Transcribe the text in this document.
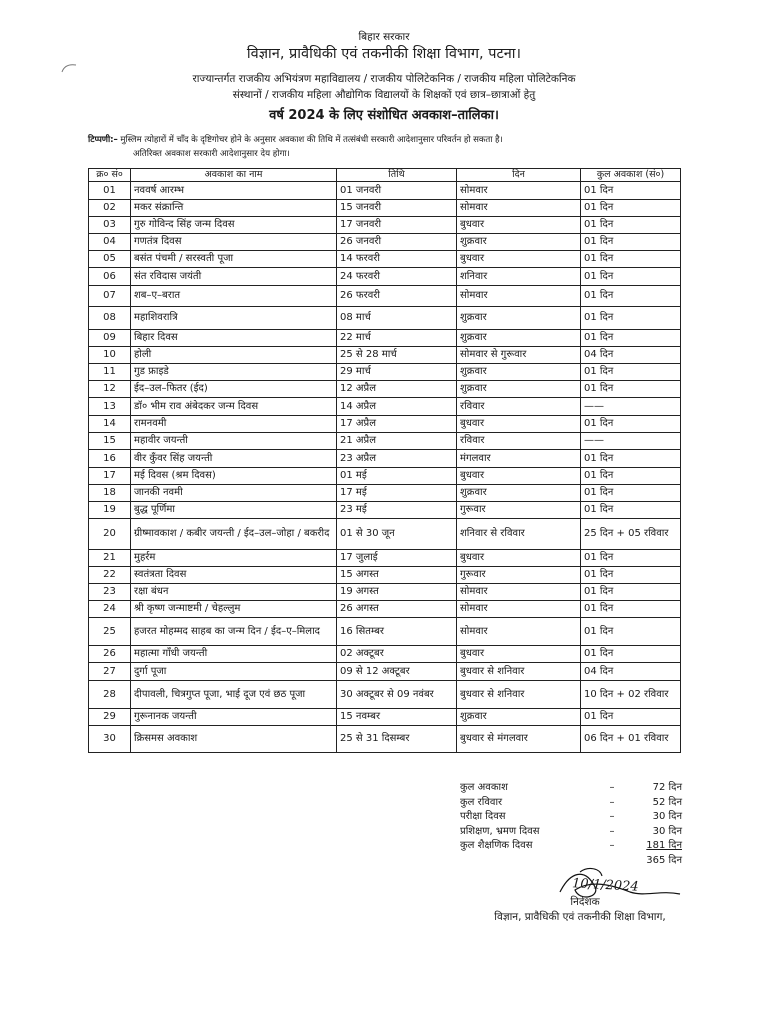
बिहार सरकार
विज्ञान, प्रावैधिकी एवं तकनीकी शिक्षा विभाग, पटना।
राज्यान्तर्गत राजकीय अभियंत्रण महाविद्यालय / राजकीय पोलिटेकनिक / राजकीय महिला पोलिटेकनिक
संस्थानों / राजकीय महिला औद्योगिक विद्यालयों के शिक्षकों एवं छात्र–छात्राओं हेतु
वर्ष 2024 के लिए संशोधित अवकाश–तालिका।
टिप्पणी:– मुस्लिम त्योहारों में चाँद के दृष्टिगोचर होने के अनुसार अवकाश की तिथि में तत्संबंधी सरकारी आदेशानुसार परिवर्तन हो सकता है।
अतिरिक्त अवकाश सरकारी आदेशानुसार देय होगा।
क्र० सं०	अवकाश का नाम	तिथि	दिन	कुल अवकाश (सं०)
01	नववर्ष आरम्भ	01 जनवरी	सोमवार	01 दिन
02	मकर संक्रान्ति	15 जनवरी	सोमवार	01 दिन
03	गुरु गोविन्द सिंह जन्म दिवस	17 जनवरी	बुधवार	01 दिन
04	गणतंत्र दिवस	26 जनवरी	शुक्रवार	01 दिन
05	बसंत पंचमी / सरस्वती पूजा	14 फरवरी	बुधवार	01 दिन
06	संत रविदास जयंती	24 फरवरी	शनिवार	01 दिन
07	शब–ए–बरात	26 फरवरी	सोमवार	01 दिन
08	महाशिवरात्रि	08 मार्च	शुक्रवार	01 दिन
09	बिहार दिवस	22 मार्च	शुक्रवार	01 दिन
10	होली	25 से 28 मार्च	सोमवार से गुरूवार	04 दिन
11	गुड फ्राइडे	29 मार्च	शुक्रवार	01 दिन
12	ईद–उल–फितर (ईद)	12 अप्रैल	शुक्रवार	01 दिन
13	डॉ० भीम राव अंबेदकर जन्म दिवस	14 अप्रैल	रविवार	——
14	रामनवमी	17 अप्रैल	बुधवार	01 दिन
15	महावीर जयन्ती	21 अप्रैल	रविवार	——
16	वीर कुँवर सिंह जयन्ती	23 अप्रैल	मंगलवार	01 दिन
17	मई दिवस (श्रम दिवस)	01 मई	बुधवार	01 दिन
18	जानकी नवमी	17 मई	शुक्रवार	01 दिन
19	बुद्ध पूर्णिमा	23 मई	गुरूवार	01 दिन
20	ग्रीष्मावकाश / कबीर जयन्ती / ईद–उल–जोहा / बकरीद	01 से 30 जून	शनिवार से रविवार	25 दिन + 05 रविवार
21	मुहर्रम	17 जुलाई	बुधवार	01 दिन
22	स्वतंत्रता दिवस	15 अगस्त	गुरूवार	01 दिन
23	रक्षा बंधन	19 अगस्त	सोमवार	01 दिन
24	श्री कृष्ण जन्माष्टमी / चेहल्लुम	26 अगस्त	सोमवार	01 दिन
25	हजरत मोहम्मद साहब का जन्म दिन / ईद–ए–मिलाद	16 सितम्बर	सोमवार	01 दिन
26	महात्मा गाँधी जयन्ती	02 अक्टूबर	बुधवार	01 दिन
27	दुर्गा पूजा	09 से 12 अक्टूबर	बुधवार से शनिवार	04 दिन
28	दीपावली, चित्रगुप्त पूजा, भाई दूज एवं छठ पूजा	30 अक्टूबर से 09 नवंबर	बुधवार से शनिवार	10 दिन + 02 रविवार
29	गुरूनानक जयन्ती	15 नवम्बर	शुक्रवार	01 दिन
30	क्रिसमस अवकाश	25 से 31 दिसम्बर	बुधवार से मंगलवार	06 दिन + 01 रविवार
कुल अवकाश	–	72 दिन
कुल रविवार	–	52 दिन
परीक्षा दिवस	–	30 दिन
प्रशिक्षण, भ्रमण दिवस	–	30 दिन
कुल शैक्षणिक दिवस	–	181 दिन
		365 दिन
10/1/2024
निदेशक
विज्ञान, प्रावैधिकी एवं तकनीकी शिक्षा विभाग,
